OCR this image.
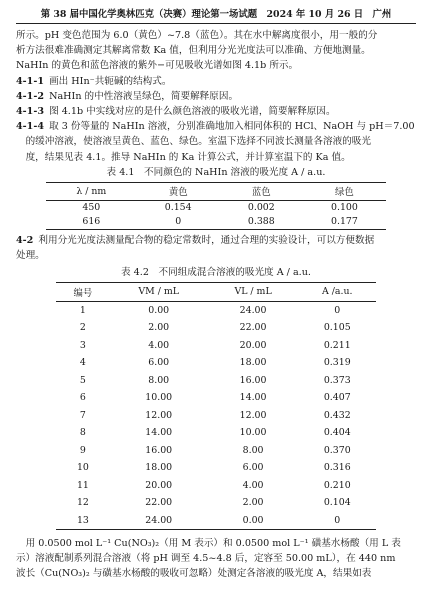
第 38 届中国化学奥林匹克（决赛）理论第一场试题　2024 年 10 月 26 日　广州

所示。pH 变色范围为 6.0（黄色）~7.8（蓝色）。其在水中解离度很小，用一般的分

析方法很难准确测定其解离常数 Ka 值，但利用分光光度法可以准确、方便地测量。

NaHIn 的黄色和蓝色溶液的紫外−可见吸收光谱如图 4.1b 所示。

4-1-1 画出 HIn⁻共轭碱的结构式。

4-1-2 NaHIn 的中性溶液呈绿色，简要解释原因。

4-1-3 图 4.1b 中实线对应的是什么颜色溶液的吸收光谱，简要解释原因。

4-1-4 取 3 份等量的 NaHIn 溶液，分别准确地加入相同体积的 HCl、NaOH 与 pH＝7.00

的缓冲溶液，使溶液呈黄色、蓝色、绿色。室温下选择不同波长测量各溶液的吸光

度，结果见表 4.1。推导 NaHIn 的 Ka 计算公式，并计算室温下的 Ka 值。

表 4.1　不同颜色的 NaHIn 溶液的吸光度 A / a.u.
λ / nm	黄色	蓝色	绿色
450	0.154	0.002	0.100
616	0	0.388	0.177

4-2 利用分光光度法测量配合物的稳定常数时，通过合理的实验设计，可以方便数据

处理。

表 4.2　不同组成混合溶液的吸光度 A / a.u.
编号	VM / mL	VL / mL	A /a.u.
1	0.00	24.00	0
2	2.00	22.00	0.105
3	4.00	20.00	0.211
4	6.00	18.00	0.319
5	8.00	16.00	0.373
6	10.00	14.00	0.407
7	12.00	12.00	0.432
8	14.00	10.00	0.404
9	16.00	8.00	0.370
10	18.00	6.00	0.316
11	20.00	4.00	0.210
12	22.00	2.00	0.104
13	24.00	0.00	0

用 0.0500 mol L⁻¹ Cu(NO₃)₂（用 M 表示）和 0.0500 mol L⁻¹ 磺基水杨酸（用 L 表

示）溶液配制系列混合溶液（将 pH 调至 4.5~4.8 后，定容至 50.00 mL），在 440 nm

波长（Cu(NO₃)₂ 与磺基水杨酸的吸收可忽略）处测定各溶液的吸光度 A，结果如表
